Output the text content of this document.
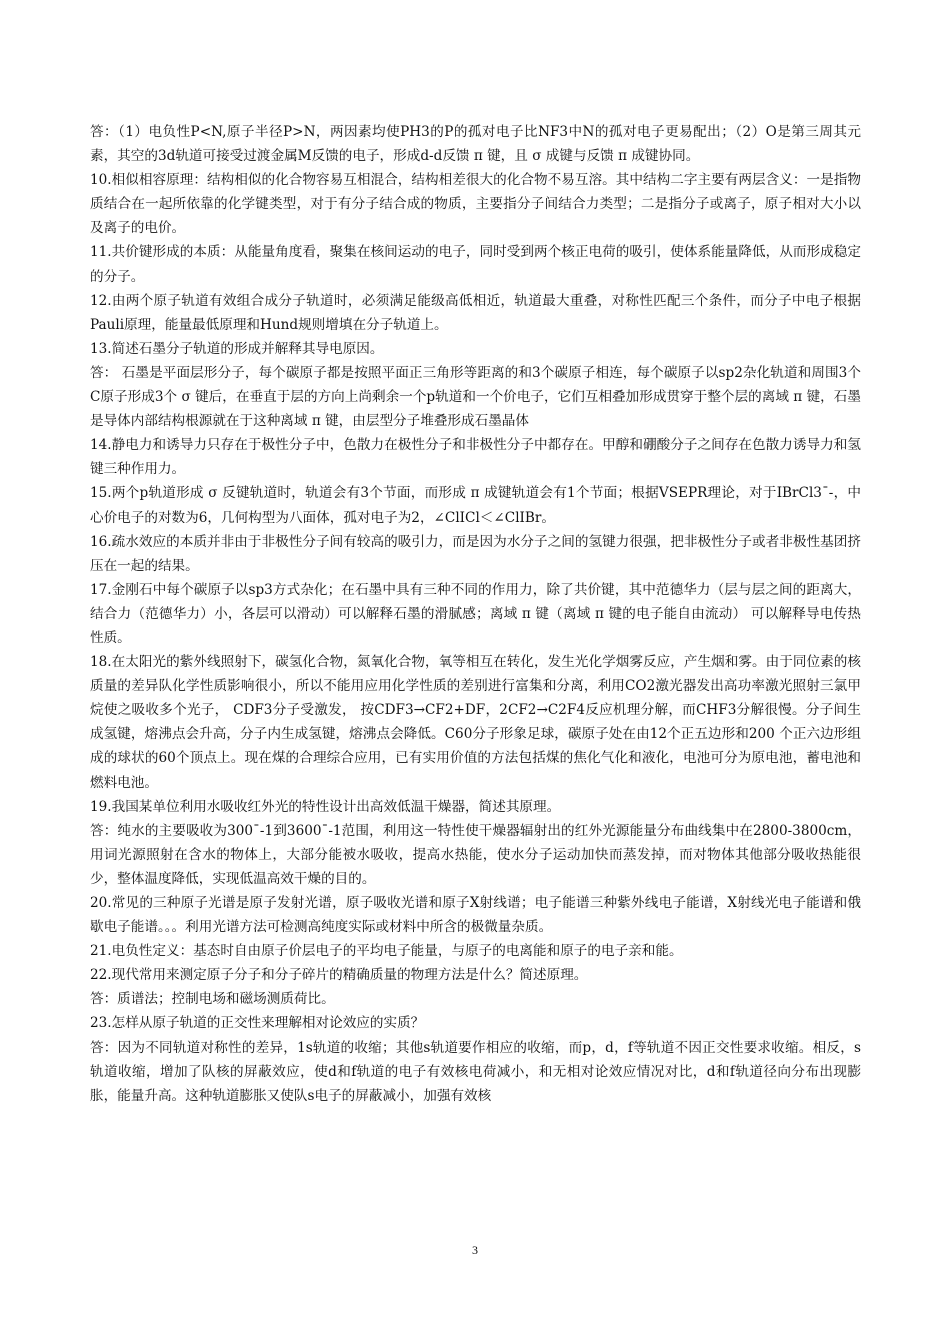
答：（1）电负性P<N,原子半径P>N，两因素均使PH3的P的孤对电子比NF3中N的孤对电子更易配出；（2）O是第三周其元素，其空的3d轨道可接受过渡金属M反馈的电子，形成d-d反馈 π 键，且 σ 成键与反馈 π 成键协同。

10.相似相容原理：结构相似的化合物容易互相混合，结构相差很大的化合物不易互溶。其中结构二字主要有两层含义：一是指物质结合在一起所依靠的化学键类型，对于有分子结合成的物质，主要指分子间结合力类型；二是指分子或离子，原子相对大小以及离子的电价。

11.共价键形成的本质：从能量角度看，聚集在核间运动的电子，同时受到两个核正电荷的吸引，使体系能量降低，从而形成稳定的分子。

12.由两个原子轨道有效组合成分子轨道时，必须满足能级高低相近，轨道最大重叠，对称性匹配三个条件，而分子中电子根据Pauli原理，能量最低原理和Hund规则增填在分子轨道上。

13.简述石墨分子轨道的形成并解释其导电原因。

答： 石墨是平面层形分子，每个碳原子都是按照平面正三角形等距离的和3个碳原子相连，每个碳原子以sp2杂化轨道和周围3个C原子形成3个 σ 键后，在垂直于层的方向上尚剩余一个p轨道和一个价电子，它们互相叠加形成贯穿于整个层的离域 π 键，石墨是导体内部结构根源就在于这种离域 π 键，由层型分子堆叠形成石墨晶体

14.静电力和诱导力只存在于极性分子中，色散力在极性分子和非极性分子中都存在。甲醇和硼酸分子之间存在色散力诱导力和氢键三种作用力。

15.两个p轨道形成 σ 反键轨道时，轨道会有3个节面，而形成 π 成键轨道会有1个节面；根据VSEPR理论，对于IBrCl3ˉ-，中心价电子的对数为6，几何构型为八面体，孤对电子为2，∠ClICl＜∠ClIBr。

16.疏水效应的本质并非由于非极性分子间有较高的吸引力，而是因为水分子之间的氢键力很强，把非极性分子或者非极性基团挤压在一起的结果。

17.金刚石中每个碳原子以sp3方式杂化；在石墨中具有三种不同的作用力，除了共价键，其中范德华力（层与层之间的距离大，结合力（范德华力）小，各层可以滑动）可以解释石墨的滑腻感；离域 π 键（离域 π 键的电子能自由流动） 可以解释导电传热性质。

18.在太阳光的紫外线照射下，碳氢化合物，氮氧化合物，氧等相互在转化，发生光化学烟雾反应，产生烟和雾。由于同位素的核质量的差异队化学性质影响很小，所以不能用应用化学性质的差别进行富集和分离，利用CO2激光器发出高功率激光照射三氯甲烷使之吸收多个光子， CDF3分子受激发， 按CDF3→CF2+DF，2CF2→C2F4反应机理分解，而CHF3分解很慢。分子间生成氢键，熔沸点会升高，分子内生成氢键，熔沸点会降低。C60分子形象足球，碳原子处在由12个正五边形和200 个正六边形组成的球状的60个顶点上。现在煤的合理综合应用，已有实用价值的方法包括煤的焦化气化和液化，电池可分为原电池，蓄电池和燃料电池。

19.我国某单位利用水吸收红外光的特性设计出高效低温干燥器，简述其原理。

答：纯水的主要吸收为300ˉ-1到3600ˉ-1范围，利用这一特性使干燥器辐射出的红外光源能量分布曲线集中在2800-3800cm，用词光源照射在含水的物体上，大部分能被水吸收，提高水热能，使水分子运动加快而蒸发掉，而对物体其他部分吸收热能很少，整体温度降低，实现低温高效干燥的目的。

20.常见的三种原子光谱是原子发射光谱，原子吸收光谱和原子X射线谱；电子能谱三种紫外线电子能谱，X射线光电子能谱和俄歇电子能谱。。。利用光谱方法可检测高纯度实际或材料中所含的极微量杂质。

21.电负性定义：基态时自由原子价层电子的平均电子能量，与原子的电离能和原子的电子亲和能。

22.现代常用来测定原子分子和分子碎片的精确质量的物理方法是什么？简述原理。

答：质谱法；控制电场和磁场测质荷比。

23.怎样从原子轨道的正交性来理解相对论效应的实质？

答：因为不同轨道对称性的差异，1s轨道的收缩；其他s轨道要作相应的收缩，而p，d，f等轨道不因正交性要求收缩。相反，s轨道收缩，增加了队核的屏蔽效应，使d和f轨道的电子有效核电荷减小，和无相对论效应情况对比，d和f轨道径向分布出现膨胀，能量升高。这种轨道膨胀又使队s电子的屏蔽减小，加强有效核

3
